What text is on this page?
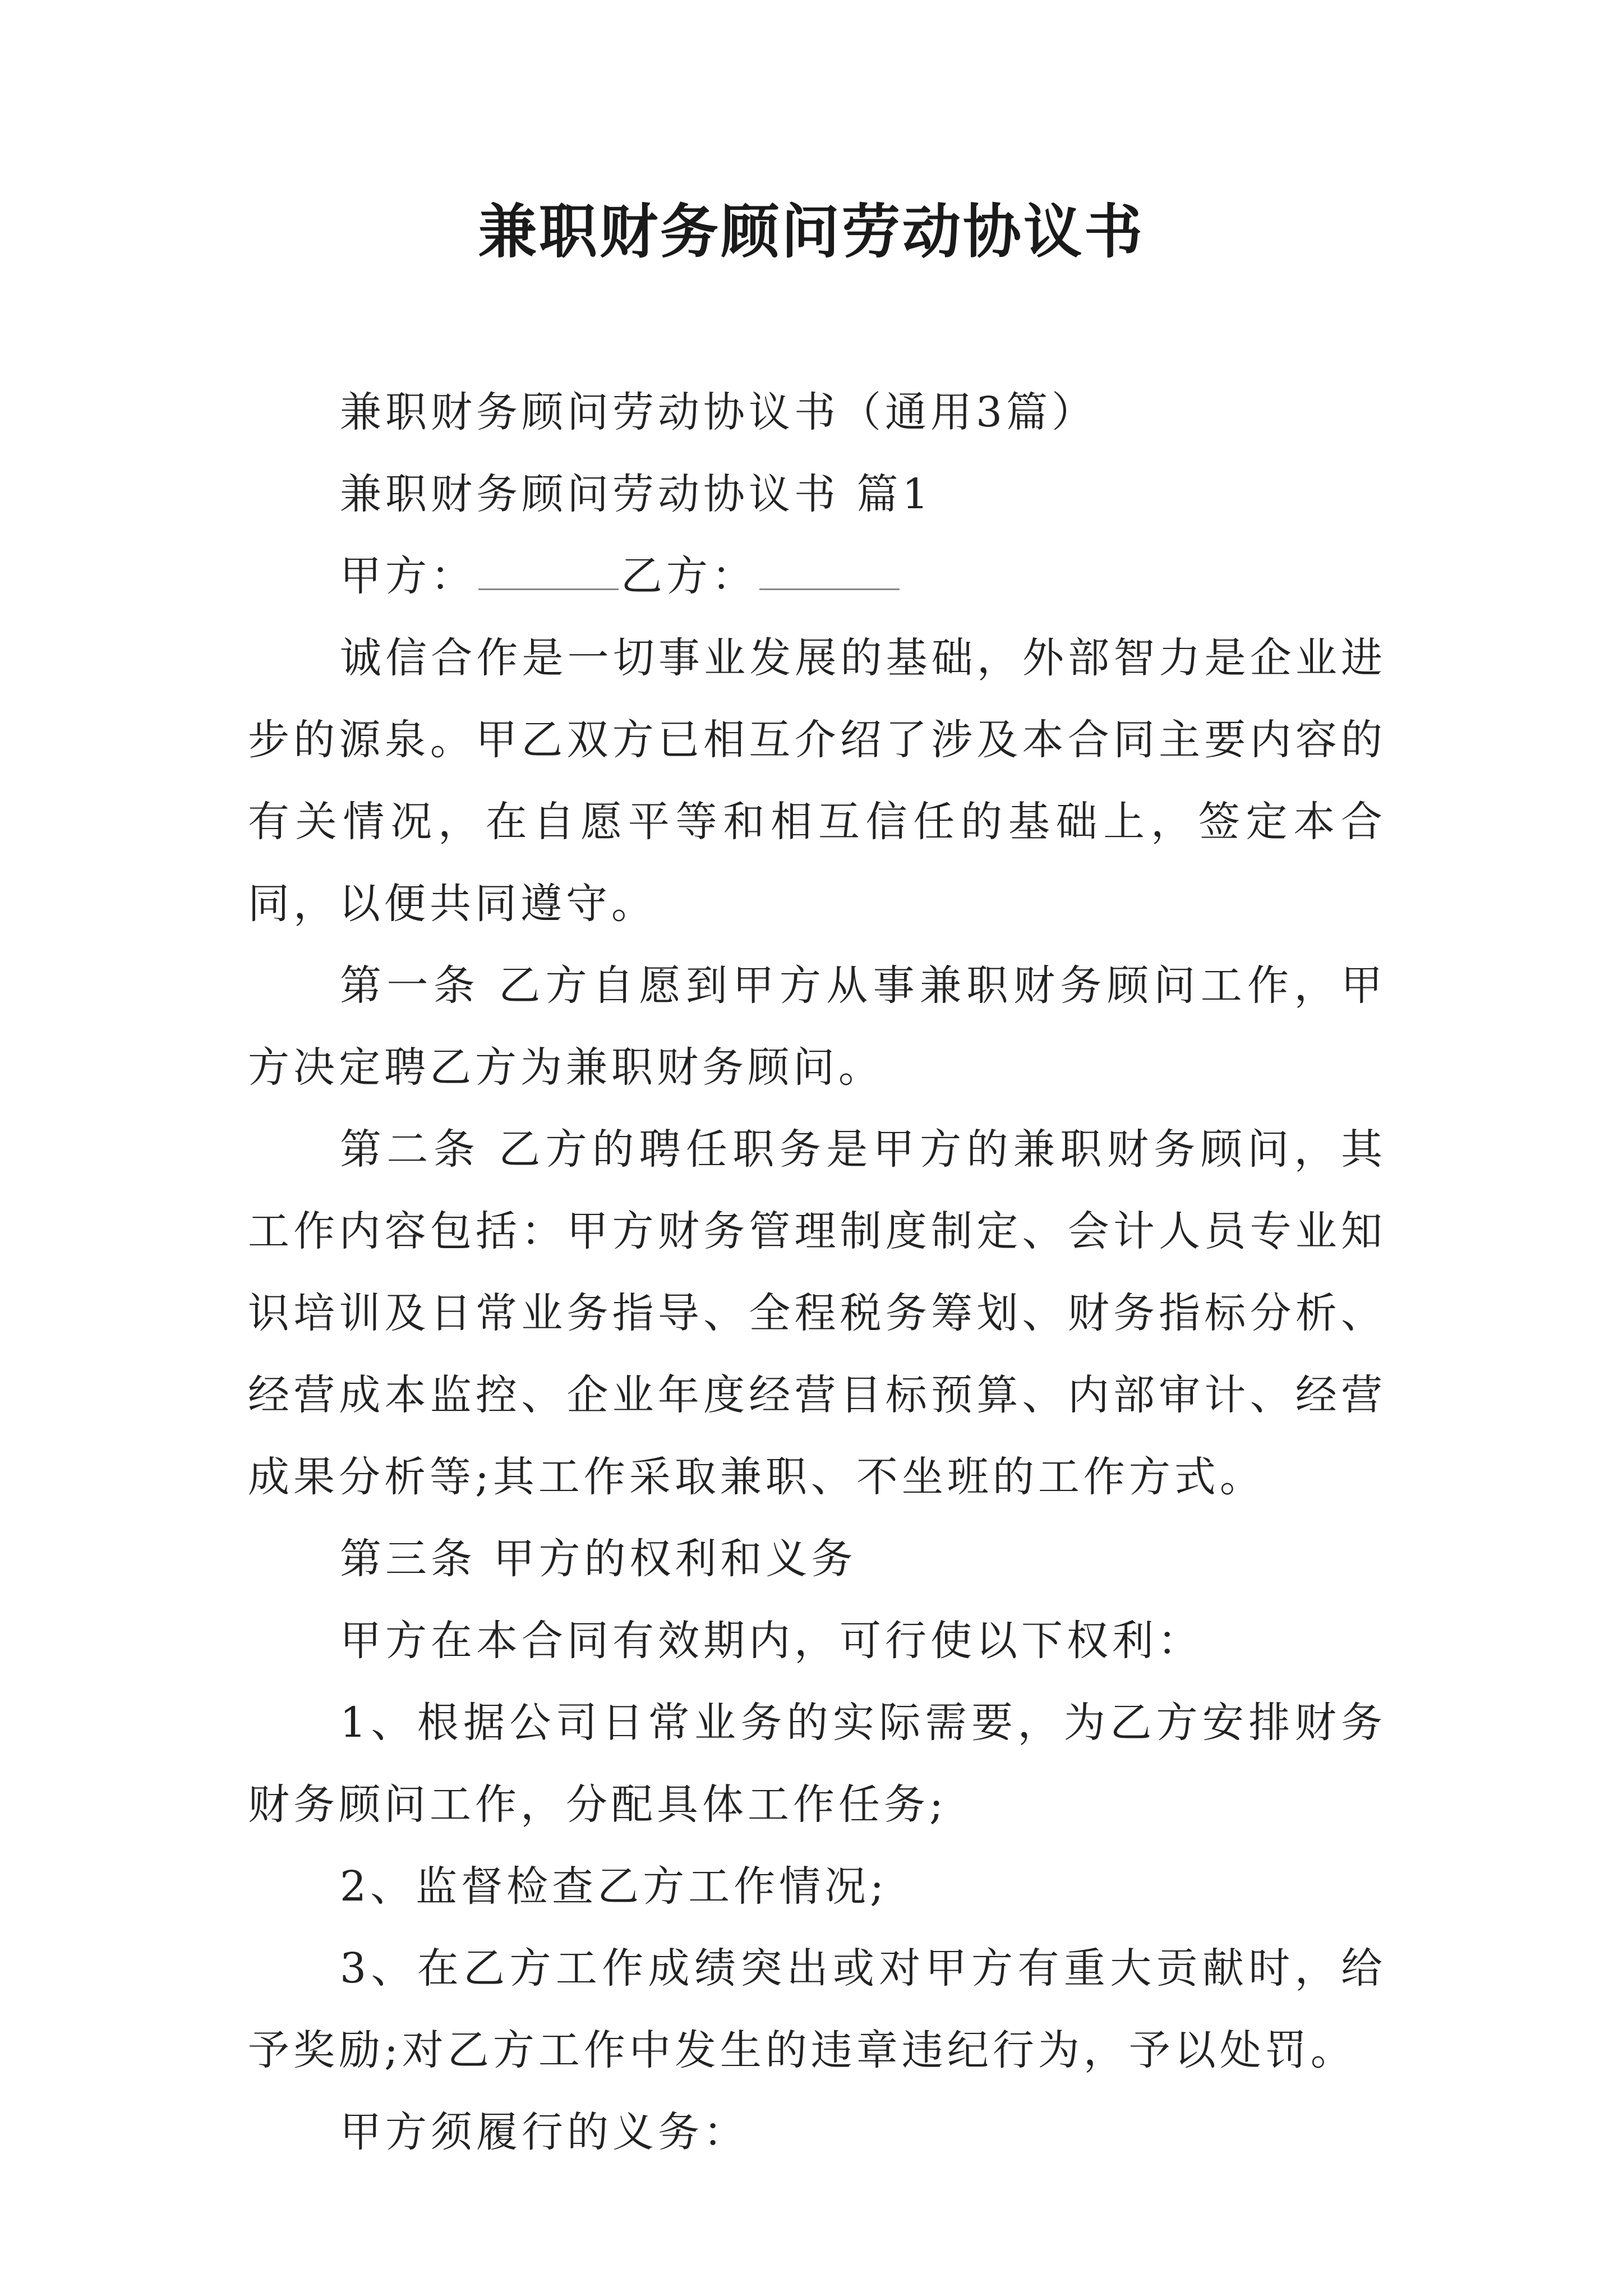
兼职财务顾问劳动协议书

兼职财务顾问劳动协议书（通用3篇）

兼职财务顾问劳动协议书 篇1

甲方：	乙方：

诚信合作是一切事业发展的基础，外部智力是企业进步的源泉。甲乙双方已相互介绍了涉及本合同主要内容的有关情况，在自愿平等和相互信任的基础上，签定本合同，以便共同遵守。

第一条 乙方自愿到甲方从事兼职财务顾问工作，甲方决定聘乙方为兼职财务顾问。

第二条 乙方的聘任职务是甲方的兼职财务顾问，其工作内容包括：甲方财务管理制度制定、会计人员专业知识培训及日常业务指导、全程税务筹划、财务指标分析、经营成本监控、企业年度经营目标预算、内部审计、经营成果分析等;其工作采取兼职、不坐班的工作方式。

第三条 甲方的权利和义务

甲方在本合同有效期内，可行使以下权利：

1、根据公司日常业务的实际需要，为乙方安排财务财务顾问工作，分配具体工作任务;

2、监督检查乙方工作情况;

3、在乙方工作成绩突出或对甲方有重大贡献时，给予奖励;对乙方工作中发生的违章违纪行为，予以处罚。

甲方须履行的义务：
